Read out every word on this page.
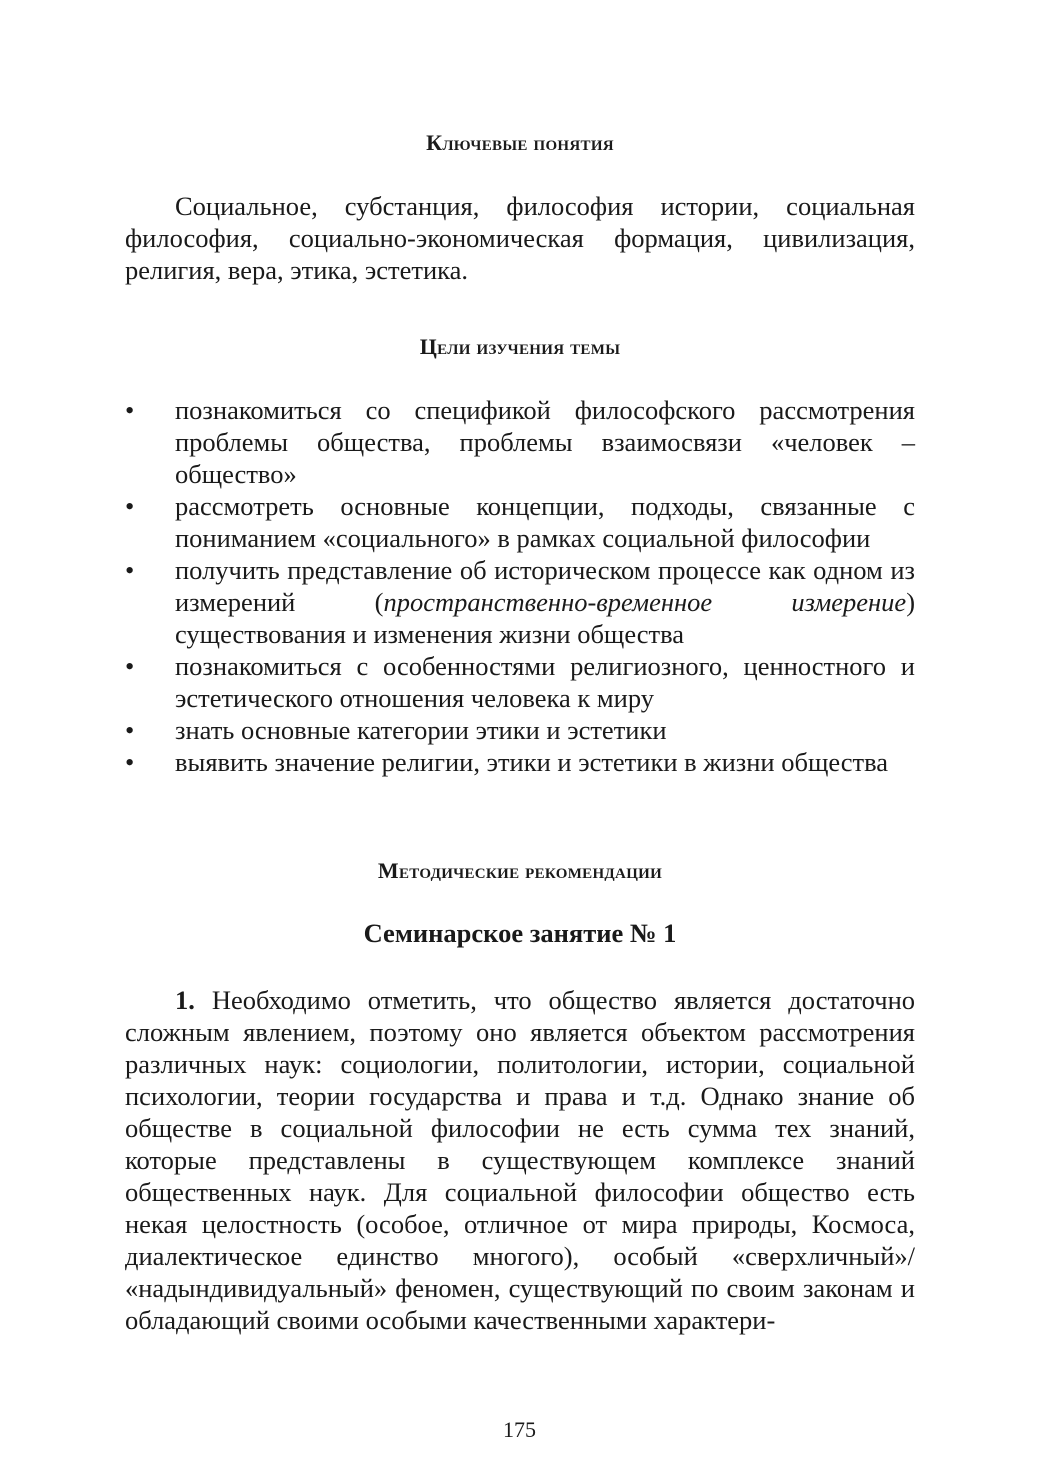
Ключевые понятия

Социальное, субстанция, философия истории, социальная философия, социально-экономическая формация, цивилизация, религия, вера, этика, эстетика.

Цели изучения темы
•	познакомиться со спецификой философского рассмотрения проблемы общества, проблемы взаимосвязи «человек – общество»
•	рассмотреть основные концепции, подходы, связанные с пониманием «социального» в рамках социальной философии
•	получить представление об историческом процессе как одном из измерений (пространственно-временное измерение) существования и изменения жизни общества
•	познакомиться с особенностями религиозного, ценностного и эстетического отношения человека к миру
•	знать основные категории этики и эстетики
•	выявить значение религии, этики и эстетики в жизни общества
Методические рекомендации
Семинарское занятие № 1

1. Необходимо отметить, что общество является достаточно сложным явлением, поэтому оно является объектом рассмотрения различных наук: социологии, политологии, истории, социальной психологии, теории государства и права и т.д. Однако знание об обществе в социальной философии не есть сумма тех знаний, которые представлены в существующем комплексе знаний общественных наук. Для социальной философии общество есть некая целостность (особое, отличное от мира природы, Космоса, диалектическое единство многого), особый «сверхличный»/ «надындивидуальный» феномен, существующий по своим законам и обладающий своими особыми качественными характери-

175
